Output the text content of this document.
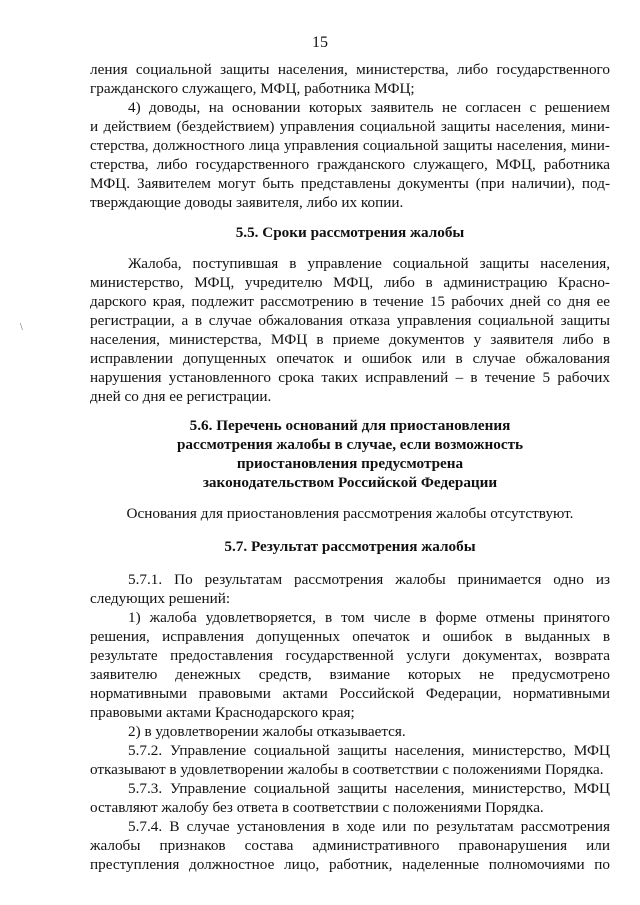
15
ления социальной защиты населения, министерства, либо государственного
гражданского служащего, МФЦ, работника МФЦ;
4) доводы, на основании которых заявитель не согласен с решением
и действием (бездействием) управления социальной защиты населения, мини-
стерства, должностного лица управления социальной защиты населения, мини-
стерства, либо государственного гражданского служащего, МФЦ, работника
МФЦ. Заявителем могут быть представлены документы (при наличии), под-
тверждающие доводы заявителя, либо их копии.
5.5. Сроки рассмотрения жалобы
Жалоба, поступившая в управление социальной защиты населения,
министерство, МФЦ, учредителю МФЦ, либо в администрацию Красно-
дарского края, подлежит рассмотрению в течение 15 рабочих дней со дня ее
регистрации, а в случае обжалования отказа управления социальной защиты
населения, министерства, МФЦ в приеме документов у заявителя либо в
исправлении допущенных опечаток и ошибок или в случае обжалования
нарушения установленного срока таких исправлений – в течение 5 рабочих
дней со дня ее регистрации.
5.6. Перечень оснований для приостановления
рассмотрения жалобы в случае, если возможность
приостановления предусмотрена
законодательством Российской Федерации
Основания для приостановления рассмотрения жалобы отсутствуют.
5.7. Результат рассмотрения жалобы
5.7.1. По результатам рассмотрения жалобы принимается одно из
следующих решений:
1) жалоба удовлетворяется, в том числе в форме отмены принятого
решения, исправления допущенных опечаток и ошибок в выданных в
результате предоставления государственной услуги документах, возврата
заявителю денежных средств, взимание которых не предусмотрено
нормативными правовыми актами Российской Федерации, нормативными
правовыми актами Краснодарского края;
2) в удовлетворении жалобы отказывается.
5.7.2. Управление социальной защиты населения, министерство, МФЦ
отказывают в удовлетворении жалобы в соответствии с положениями Порядка.
5.7.3. Управление социальной защиты населения, министерство, МФЦ
оставляют жалобу без ответа в соответствии с положениями Порядка.
5.7.4. В случае установления в ходе или по результатам рассмотрения
жалобы признаков состава административного правонарушения или
преступления должностное лицо, работник, наделенные полномочиями по
\
